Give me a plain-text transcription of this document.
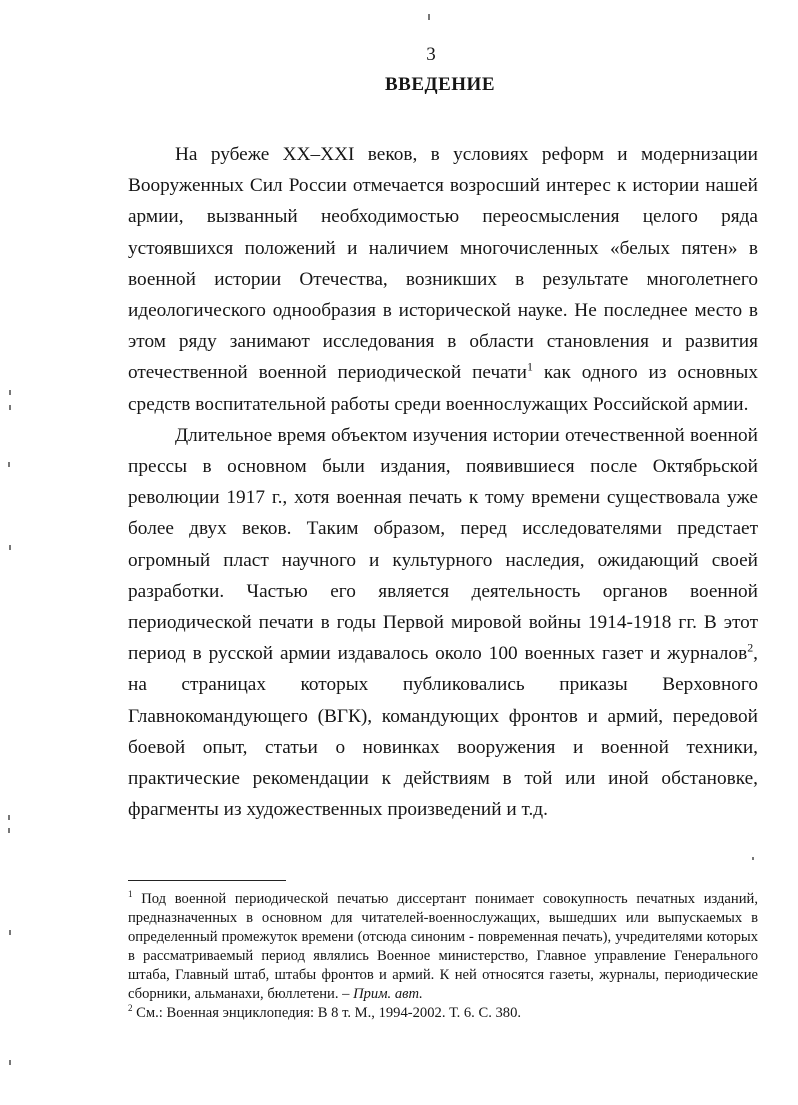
3
ВВЕДЕНИЕ

На рубеже XX–XXI веков, в условиях реформ и модернизации Вооруженных Сил России отмечается возросший интерес к истории нашей армии, вызванный необходимостью переосмысления целого ряда устоявшихся положений и наличием многочисленных «белых пятен» в военной истории Отечества, возникших в результате многолетнего идеологического однообразия в исторической науке. Не последнее место в этом ряду занимают исследования в области становления и развития отечественной военной периодической печати$^1$ как одного из основных средств воспитательной работы среди военнослужащих Российской армии.

Длительное время объектом изучения истории отечественной военной прессы в основном были издания, появившиеся после Октябрьской революции 1917 г., хотя военная печать к тому времени существовала уже более двух веков. Таким образом, перед исследователями предстает огромный пласт научного и культурного наследия, ожидающий своей разработки. Частью его является деятельность органов военной периодической печати в годы Первой мировой войны 1914-1918 гг. В этот период в русской армии издавалось около 100 военных газет и журналов$^2$, на страницах которых публиковались приказы Верховного Главнокомандующего (ВГК), командующих фронтов и армий, передовой боевой опыт, статьи о новинках вооружения и военной техники, практические рекомендации к действиям в той или иной обстановке, фрагменты из художественных произведений и т.д.

$^1$ Под военной периодической печатью диссертант понимает совокупность печатных изданий, предназначенных в основном для читателей-военнослужащих, вышедших или выпускаемых в определенный промежуток времени (отсюда синоним - повременная печать), учредителями которых в рассматриваемый период являлись Военное министерство, Главное управление Генерального штаба, Главный штаб, штабы фронтов и армий. К ней относятся газеты, журналы, периодические сборники, альманахи, бюллетени. – Прим. авт.

$^2$ См.: Военная энциклопедия: В 8 т. М., 1994-2002. Т. 6. С. 380.
